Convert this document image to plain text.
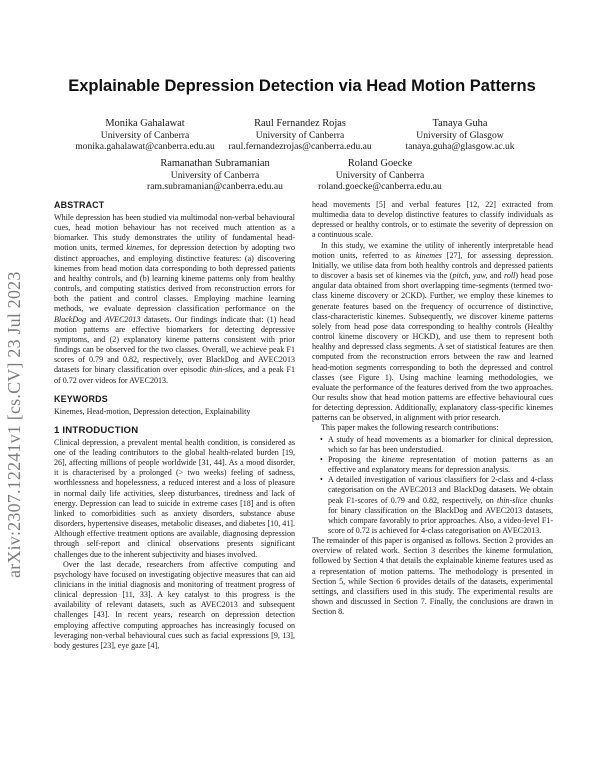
arXiv:2307.12241v1 [cs.CV] 23 Jul 2023
Explainable Depression Detection via Head Motion Patterns
Monika Gahalawat
University of Canberra
monika.gahalawat@canberra.edu.au
Raul Fernandez Rojas
University of Canberra
raul.fernandezrojas@canberra.edu.au
Tanaya Guha
University of Glasgow
tanaya.guha@glasgow.ac.uk
Ramanathan Subramanian
University of Canberra
ram.subramanian@canberra.edu.au
Roland Goecke
University of Canberra
roland.goecke@canberra.edu.au
ABSTRACT

While depression has been studied via multimodal non-verbal behavioural cues, head motion behaviour has not received much attention as a biomarker. This study demonstrates the utility of fundamental head-motion units, termed kinemes, for depression detection by adopting two distinct approaches, and employing distinctive features: (a) discovering kinemes from head motion data corresponding to both depressed patients and healthy controls, and (b) learning kineme patterns only from healthy controls, and computing statistics derived from reconstruction errors for both the patient and control classes. Employing machine learning methods, we evaluate depression classification performance on the BlackDog and AVEC2013 datasets. Our findings indicate that: (1) head motion patterns are effective biomarkers for detecting depressive symptoms, and (2) explanatory kineme patterns consistent with prior findings can be observed for the two classes. Overall, we achieve peak F1 scores of 0.79 and 0.82, respectively, over BlackDog and AVEC2013 datasets for binary classification over episodic thin-slices, and a peak F1 of 0.72 over videos for AVEC2013.

KEYWORDS

Kinemes, Head-motion, Depression detection, Explainability

1 INTRODUCTION

Clinical depression, a prevalent mental health condition, is considered as one of the leading contributors to the global health-related burden [19, 26], affecting millions of people worldwide [31, 44]. As a mood disorder, it is characterised by a prolonged (> two weeks) feeling of sadness, worthlessness and hopelessness, a reduced interest and a loss of pleasure in normal daily life activities, sleep disturbances, tiredness and lack of energy. Depression can lead to suicide in extreme cases [18] and is often linked to comorbidities such as anxiety disorders, substance abuse disorders, hypertensive diseases, metabolic diseases, and diabetes [10, 41]. Although effective treatment options are available, diagnosing depression through self-report and clinical observations presents significant challenges due to the inherent subjectivity and biases involved.

Over the last decade, researchers from affective computing and psychology have focused on investigating objective measures that can aid clinicians in the initial diagnosis and monitoring of treatment progress of clinical depression [11, 33]. A key catalyst to this progress is the availability of relevant datasets, such as AVEC2013 and subsequent challenges [43]. In recent years, research on depression detection employing affective computing approaches has increasingly focused on leveraging non-verbal behavioural cues such as facial expressions [9, 13], body gestures [23], eye gaze [4],

head movements [5] and verbal features [12, 22] extracted from multimedia data to develop distinctive features to classify individuals as depressed or healthy controls, or to estimate the severity of depression on a continuous scale.

In this study, we examine the utility of inherently interpretable head motion units, referred to as kinemes [27], for assessing depression. Initially, we utilise data from both healthy controls and depressed patients to discover a basis set of kinemes via the (pitch, yaw, and roll) head pose angular data obtained from short overlapping time-segments (termed two-class kineme discovery or 2CKD). Further, we employ these kinemes to generate features based on the frequency of occurrence of distinctive, class-characteristic kinemes. Subsequently, we discover kineme patterns solely from head pose data corresponding to healthy controls (Healthy control kineme discovery or HCKD), and use them to represent both healthy and depressed class segments. A set of statistical features are then computed from the reconstruction errors between the raw and learned head-motion segments corresponding to both the depressed and control classes (see Figure 1). Using machine learning methodologies, we evaluate the performance of the features derived from the two approaches. Our results show that head motion patterns are effective behavioural cues for detecting depression. Additionally, explanatory class-specific kinemes patterns can be observed, in alignment with prior research.

This paper makes the following research contributions:

• A study of head movements as a biomarker for clinical depression, which so far has been understudied.
• Proposing the kineme representation of motion patterns as an effective and explanatory means for depression analysis.
• A detailed investigation of various classifiers for 2-class and 4-class categorisation on the AVEC2013 and BlackDog datasets. We obtain peak F1-scores of 0.79 and 0.82, respectively, on thin-slice chunks for binary classification on the BlackDog and AVEC2013 datasets, which compare favorably to prior approaches. Also, a video-level F1-score of 0.72 is achieved for 4-class categorisation on AVEC2013.

The remainder of this paper is organised as follows. Section 2 provides an overview of related work. Section 3 describes the kineme formulation, followed by Section 4 that details the explainable kineme features used as a representation of motion patterns. The methodology is presented in Section 5, while Section 6 provides details of the datasets, experimental settings, and classifiers used in this study. The experimental results are shown and discussed in Section 7. Finally, the conclusions are drawn in Section 8.
